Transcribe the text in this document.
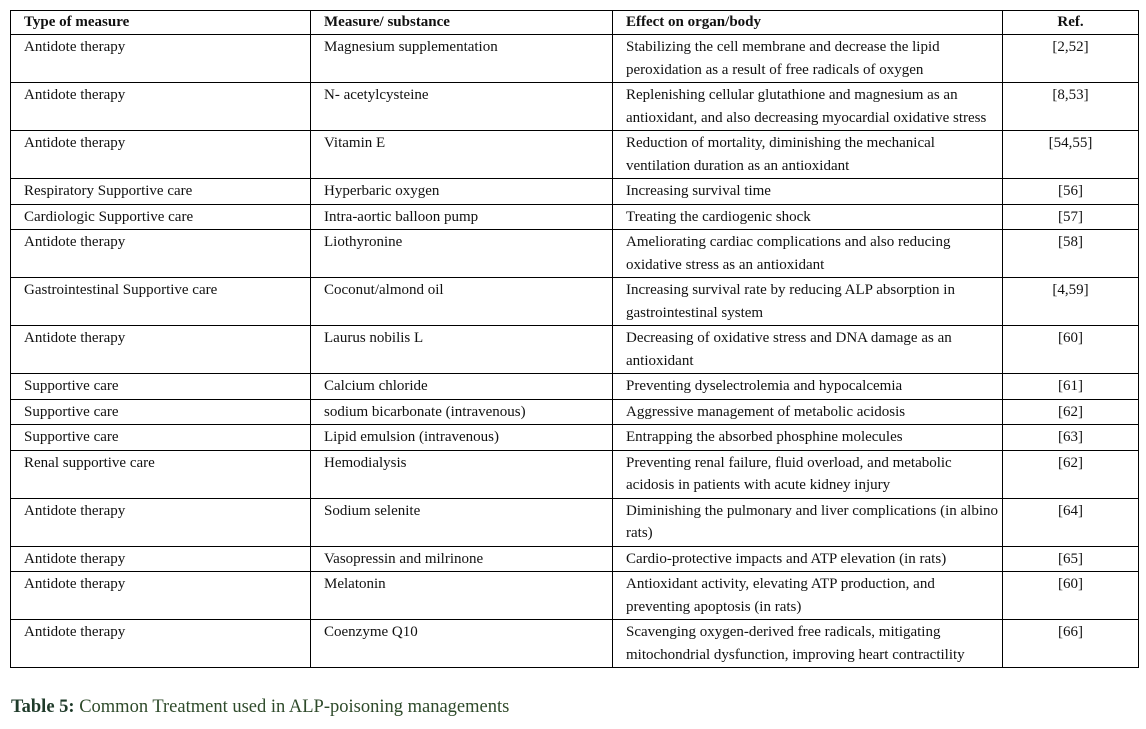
Type of measure	Measure/ substance	Effect on organ/body	Ref.
Antidote therapy	Magnesium supplementation	Stabilizing the cell membrane and decrease the lipid peroxidation as a result of free radicals of oxygen	[2,52]
Antidote therapy	N- acetylcysteine	Replenishing cellular glutathione and magnesium as an antioxidant, and also decreasing myocardial oxidative stress	[8,53]
Antidote therapy	Vitamin E	Reduction of mortality, diminishing the mechanical ventilation duration as an antioxidant	[54,55]
Respiratory Supportive care	Hyperbaric oxygen	Increasing survival time	[56]
Cardiologic Supportive care	Intra-aortic balloon pump	Treating the cardiogenic shock	[57]
Antidote therapy	Liothyronine	Ameliorating cardiac complications and also reducing oxidative stress as an antioxidant	[58]
Gastrointestinal Supportive care	Coconut/almond oil	Increasing survival rate by reducing ALP absorption in gastrointestinal system	[4,59]
Antidote therapy	Laurus nobilis L	Decreasing of oxidative stress and DNA damage as an antioxidant	[60]
Supportive care	Calcium chloride	Preventing dyselectrolemia and hypocalcemia	[61]
Supportive care	sodium bicarbonate (intravenous)	Aggressive management of metabolic acidosis	[62]
Supportive care	Lipid emulsion (intravenous)	Entrapping the absorbed phosphine molecules	[63]
Renal supportive care	Hemodialysis	Preventing renal failure, fluid overload, and metabolic acidosis in patients with acute kidney injury	[62]
Antidote therapy	Sodium selenite	Diminishing the pulmonary and liver complications (in albino rats)	[64]
Antidote therapy	Vasopressin and milrinone	Cardio-protective impacts and ATP elevation (in rats)	[65]
Antidote therapy	Melatonin	Antioxidant activity, elevating ATP production, and preventing apoptosis (in rats)	[60]
Antidote therapy	Coenzyme Q10	Scavenging oxygen-derived free radicals, mitigating mitochondrial dysfunction, improving heart contractility	[66]
Table 5: Common Treatment used in ALP-poisoning managements
